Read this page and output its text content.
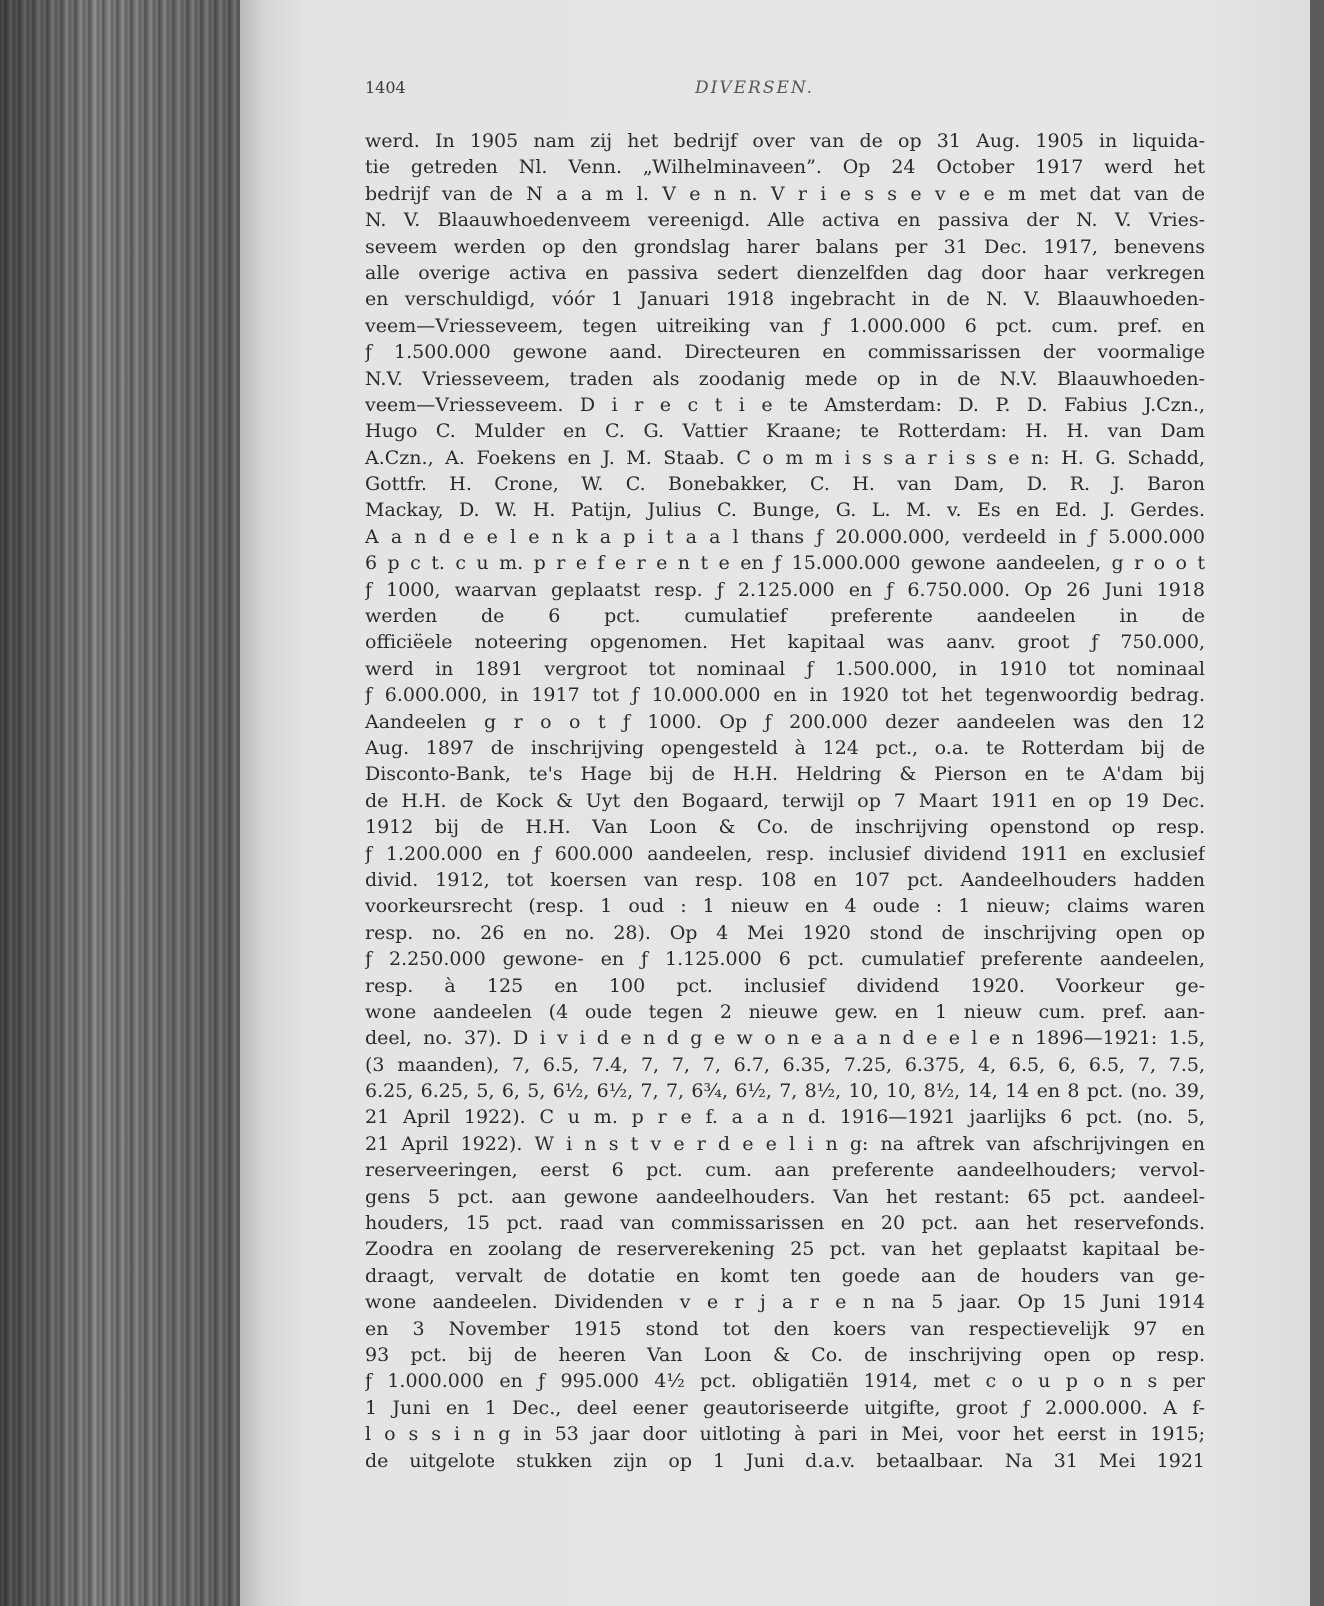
1404	DIVERSEN.
werd. In 1905 nam zij het bedrijf over van de op 31 Aug. 1905 in liquida-
tie getreden Nl. Venn. „Wilhelminaveen”. Op 24 October 1917 werd het
bedrijf van de N a a m l. V e n n. V r i e s s e v e e m met dat van de
N. V. Blaauwhoedenveem vereenigd. Alle activa en passiva der N. V. Vries-
seveem werden op den grondslag harer balans per 31 Dec. 1917, benevens
alle overige activa en passiva sedert dienzelfden dag door haar verkregen
en verschuldigd, vóór 1 Januari 1918 ingebracht in de N. V. Blaauwhoeden-
veem—Vriesseveem, tegen uitreiking van ƒ 1.000.000 6 pct. cum. pref. en
ƒ 1.500.000 gewone aand. Directeuren en commissarissen der voormalige
N.V. Vriesseveem, traden als zoodanig mede op in de N.V. Blaauwhoeden-
veem—Vriesseveem. D i r e c t i e te Amsterdam: D. P. D. Fabius J.Czn.,
Hugo C. Mulder en C. G. Vattier Kraane; te Rotterdam: H. H. van Dam
A.Czn., A. Foekens en J. M. Staab. C o m m i s s a r i s s e n: H. G. Schadd,
Gottfr. H. Crone, W. C. Bonebakker, C. H. van Dam, D. R. J. Baron
Mackay, D. W. H. Patijn, Julius C. Bunge, G. L. M. v. Es en Ed. J. Gerdes.
A a n d e e l e n k a p i t a a l thans ƒ 20.000.000, verdeeld in ƒ 5.000.000
6 p c t. c u m. p r e f e r e n t e en ƒ 15.000.000 gewone aandeelen, g r o o t
ƒ 1000, waarvan geplaatst resp. ƒ 2.125.000 en ƒ 6.750.000. Op 26 Juni 1918
werden de 6 pct. cumulatief preferente aandeelen in de
officiëele noteering opgenomen. Het kapitaal was aanv. groot ƒ 750.000,
werd in 1891 vergroot tot nominaal ƒ 1.500.000, in 1910 tot nominaal
ƒ 6.000.000, in 1917 tot ƒ 10.000.000 en in 1920 tot het tegenwoordig bedrag.
Aandeelen g r o o t ƒ 1000. Op ƒ 200.000 dezer aandeelen was den 12
Aug. 1897 de inschrijving opengesteld à 124 pct., o.a. te Rotterdam bij de
Disconto-Bank, te's Hage bij de H.H. Heldring & Pierson en te A'dam bij
de H.H. de Kock & Uyt den Bogaard, terwijl op 7 Maart 1911 en op 19 Dec.
1912 bij de H.H. Van Loon & Co. de inschrijving openstond op resp.
ƒ 1.200.000 en ƒ 600.000 aandeelen, resp. inclusief dividend 1911 en exclusief
divid. 1912, tot koersen van resp. 108 en 107 pct. Aandeelhouders hadden
voorkeursrecht (resp. 1 oud : 1 nieuw en 4 oude : 1 nieuw; claims waren
resp. no. 26 en no. 28). Op 4 Mei 1920 stond de inschrijving open op
ƒ 2.250.000 gewone- en ƒ 1.125.000 6 pct. cumulatief preferente aandeelen,
resp. à 125 en 100 pct. inclusief dividend 1920. Voorkeur ge-
wone aandeelen (4 oude tegen 2 nieuwe gew. en 1 nieuw cum. pref. aan-
deel, no. 37). D i v i d e n d g e w o n e a a n d e e l e n 1896—1921: 1.5,
(3 maanden), 7, 6.5, 7.4, 7, 7, 7, 6.7, 6.35, 7.25, 6.375, 4, 6.5, 6, 6.5, 7, 7.5,
6.25, 6.25, 5, 6, 5, 6½, 6½, 7, 7, 6¾, 6½, 7, 8½, 10, 10, 8½, 14, 14 en 8 pct. (no. 39,
21 April 1922). C u m. p r e f. a a n d. 1916—1921 jaarlijks 6 pct. (no. 5,
21 April 1922). W i n s t v e r d e e l i n g: na aftrek van afschrijvingen en
reserveeringen, eerst 6 pct. cum. aan preferente aandeelhouders; vervol-
gens 5 pct. aan gewone aandeelhouders. Van het restant: 65 pct. aandeel-
houders, 15 pct. raad van commissarissen en 20 pct. aan het reservefonds.
Zoodra en zoolang de reserverekening 25 pct. van het geplaatst kapitaal be-
draagt, vervalt de dotatie en komt ten goede aan de houders van ge-
wone aandeelen. Dividenden v e r j a r e n na 5 jaar. Op 15 Juni 1914
en 3 November 1915 stond tot den koers van respectievelijk 97 en
93 pct. bij de heeren Van Loon & Co. de inschrijving open op resp.
ƒ 1.000.000 en ƒ 995.000 4½ pct. obligatiën 1914, met c o u p o n s per
1 Juni en 1 Dec., deel eener geautoriseerde uitgifte, groot ƒ 2.000.000. A f-
l o s s i n g in 53 jaar door uitloting à pari in Mei, voor het eerst in 1915;
de uitgelote stukken zijn op 1 Juni d.a.v. betaalbaar. Na 31 Mei 1921
